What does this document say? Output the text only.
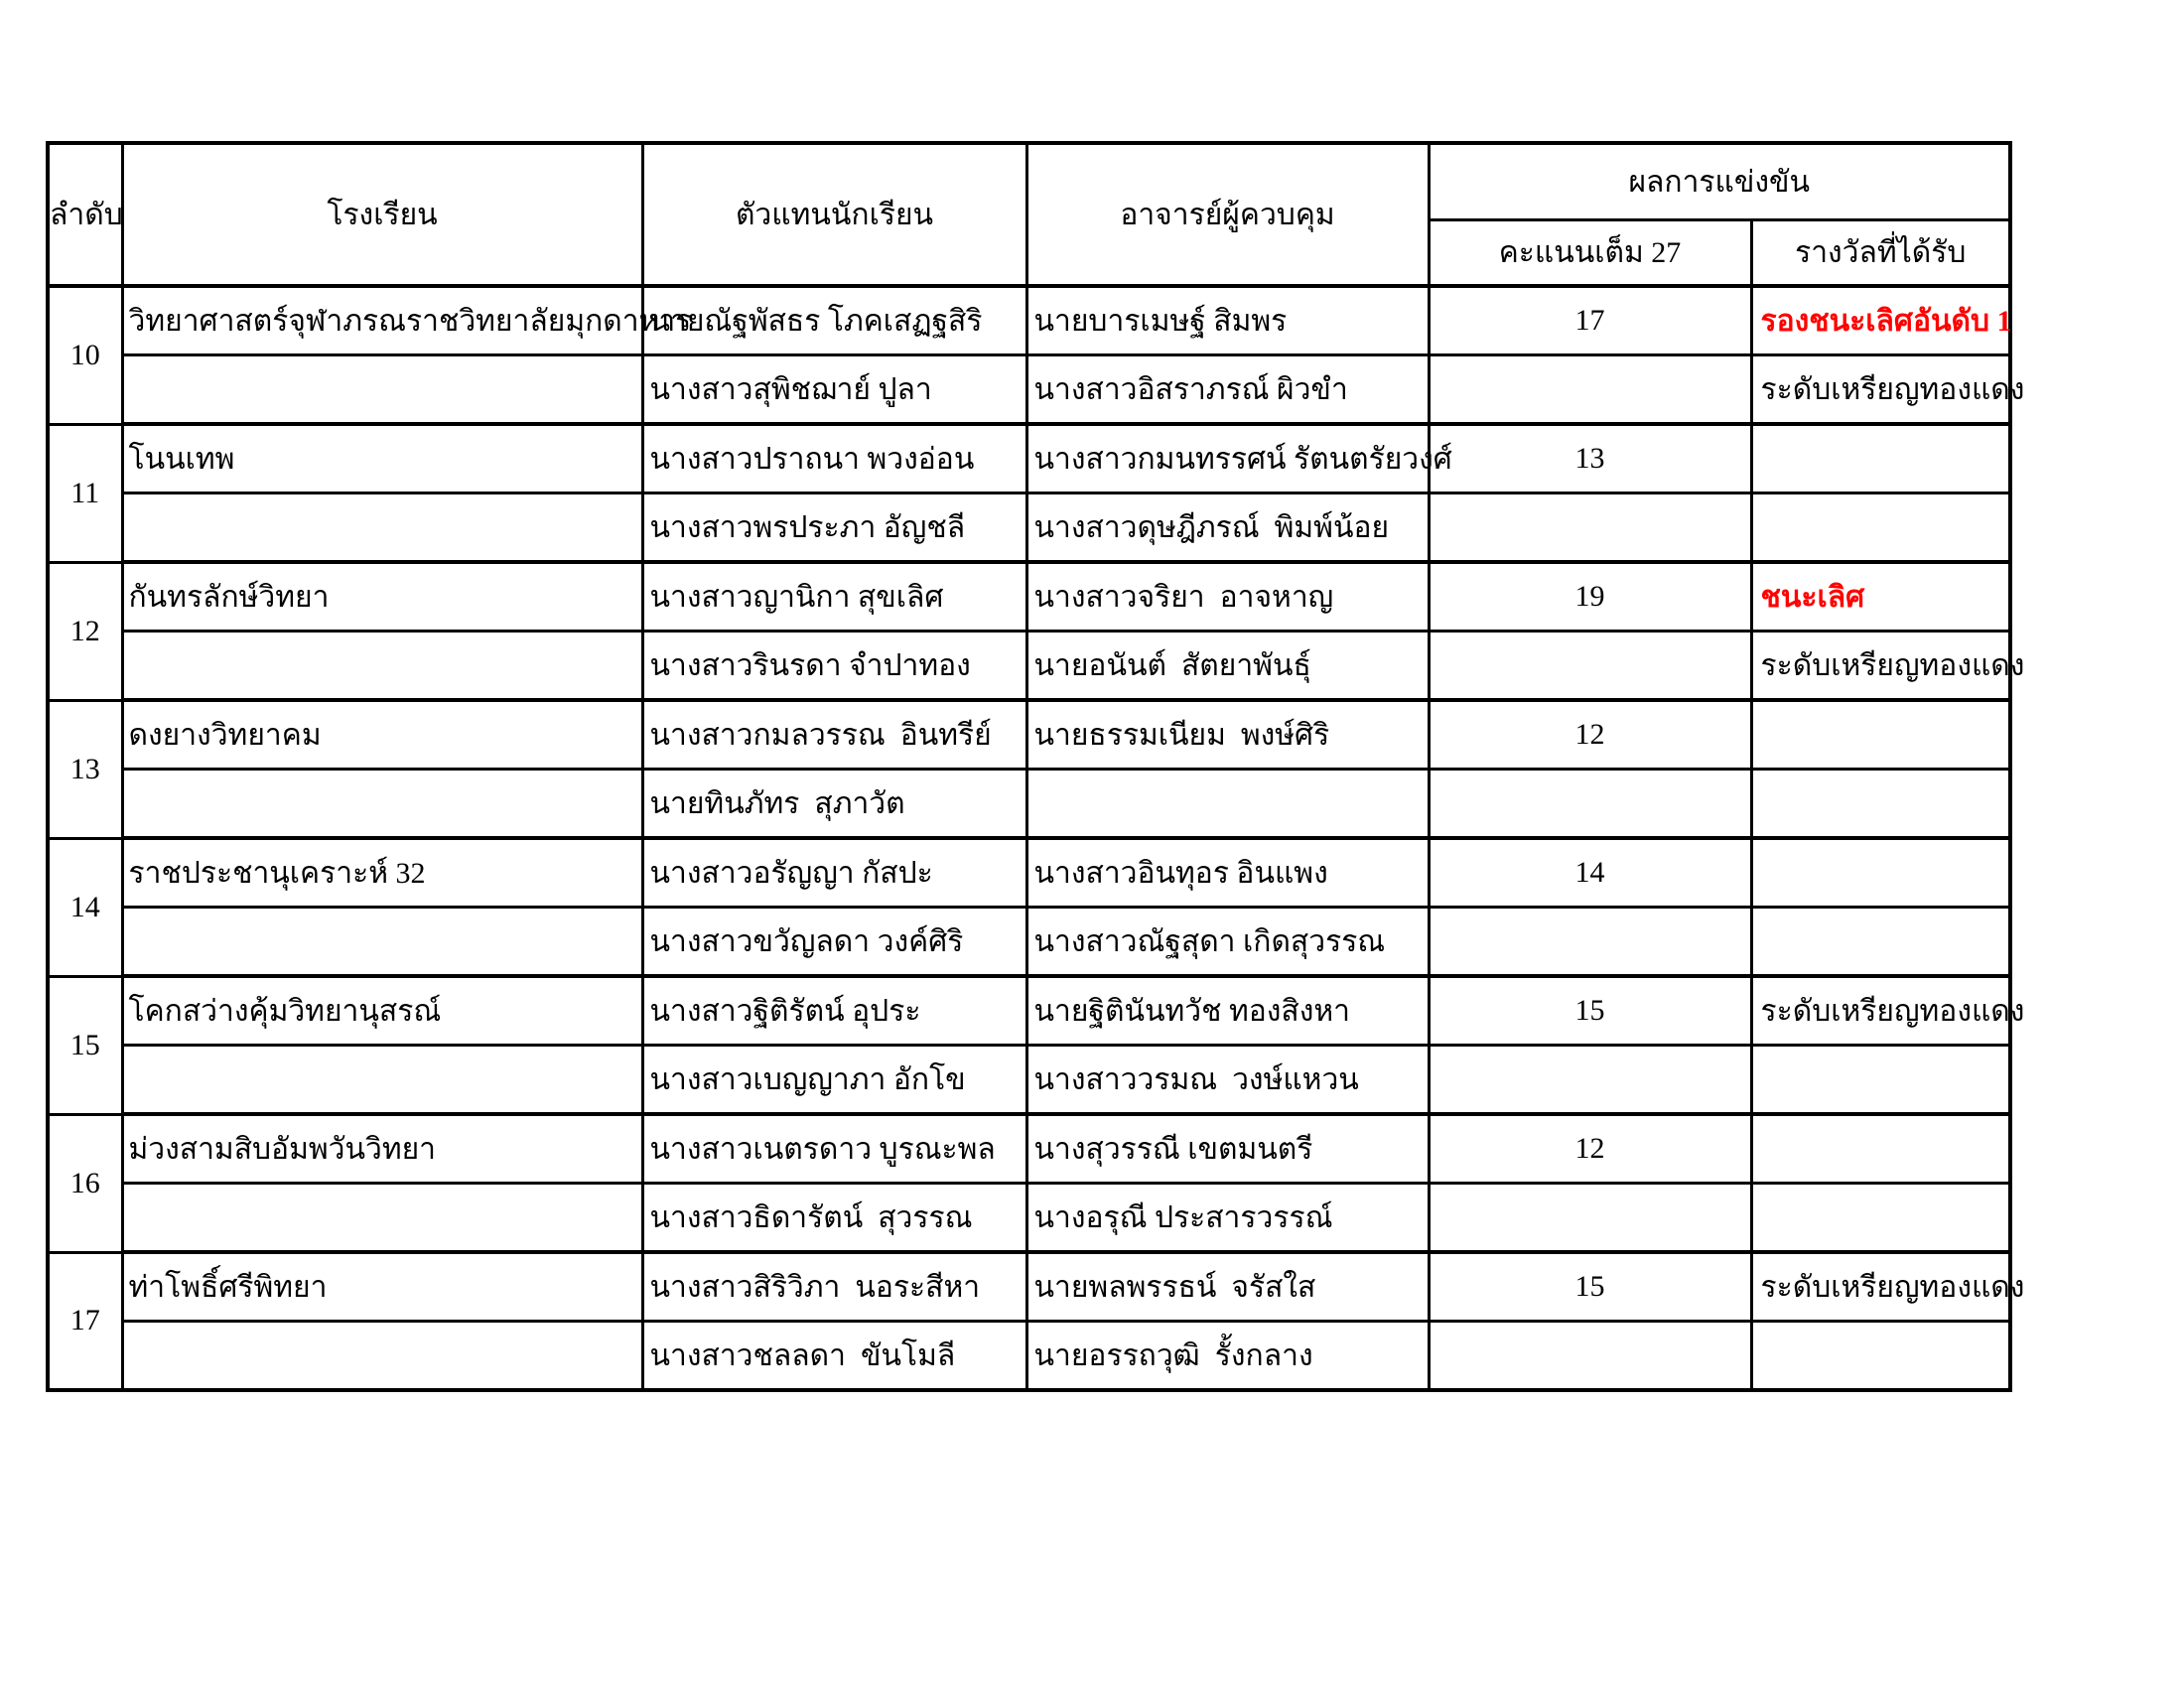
ลำดับ	โรงเรียน	ตัวแทนนักเรียน	อาจารย์ผู้ควบคุม	ผลการแข่งขัน	
				คะแนนเต็ม 27	รางวัลที่ได้รับ
10	วิทยาศาสตร์จุฬาภรณราชวิทยาลัยมุกดาหาร	นายณัฐพัสธร โภคเสฏฐสิริ	นายบารเมษฐ์ สิมพร	17	รองชนะเลิศอันดับ 1
		นางสาวสุพิชฌาย์ ปูลา	นางสาวอิสราภรณ์ ผิวขำ		ระดับเหรียญทองแดง
11	โนนเทพ	นางสาวปราถนา พวงอ่อน	นางสาวกมนทรรศน์ รัตนตรัยวงศ์	13	
		นางสาวพรประภา อัญชลี	นางสาวดุษฎีภรณ์  พิมพ์น้อย		
12	กันทรลักษ์วิทยา	นางสาวญานิกา สุขเลิศ	นางสาวจริยา  อาจหาญ	19	ชนะเลิศ
		นางสาวรินรดา จำปาทอง	นายอนันต์  สัตยาพันธุ์		ระดับเหรียญทองแดง
13	ดงยางวิทยาคม	นางสาวกมลวรรณ  อินทรีย์	นายธรรมเนียม  พงษ์ศิริ	12	
		นายทินภัทร  สุภาวัต			
14	ราชประชานุเคราะห์ 32	นางสาวอรัญญา กัสปะ	นางสาวอินทุอร อินแพง	14	
		นางสาวขวัญลดา วงค์ศิริ	นางสาวณัฐสุดา เกิดสุวรรณ		
15	โคกสว่างคุ้มวิทยานุสรณ์	นางสาวฐิติรัตน์ อุประ	นายฐิตินันทวัช ทองสิงหา	15	ระดับเหรียญทองแดง
		นางสาวเบญญาภา อักโข	นางสาววรมณ  วงษ์แหวน		
16	ม่วงสามสิบอัมพวันวิทยา	นางสาวเนตรดาว บูรณะพล	นางสุวรรณี เขตมนตรี	12	
		นางสาวธิดารัตน์  สุวรรณ	นางอรุณี ประสารวรรณ์		
17	ท่าโพธิ์ศรีพิทยา	นางสาวสิริวิภา  นอระสีหา	นายพลพรรธน์  จรัสใส	15	ระดับเหรียญทองแดง
		นางสาวชลลดา  ขันโมลี	นายอรรถวุฒิ  รั้งกลาง		
